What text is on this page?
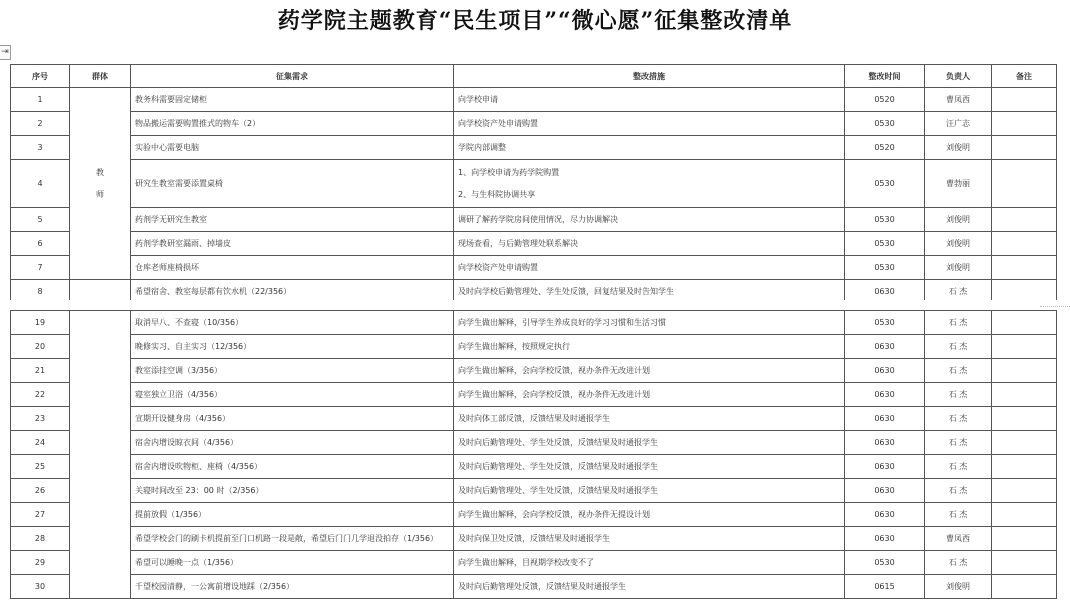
药学院主题教育“民生项目”“微心愿”征集整改清单
⇥
序号	群体	征集需求	整改措施	整改时间	负责人	备注
1	教
师	教务科需要固定储柜	向学校申请	0520	曹凤西	
2		物品搬运需要购置推式的物车（2）	向学校资产处申请购置	0530	汪广志	
3		实验中心需要电脑	学院内部调整	0520	刘俊明	
4		研究生教室需要添置桌椅	1、向学校申请为药学院购置
2、与生科院协调共享	0530	曹勃丽	
5		药剂学无研究生教室	调研了解药学院房间使用情况，尽力协调解决	0530	刘俊明	
6		药剂学教研室漏雨、掉墙皮	现场查看，与后勤管理处联系解决	0530	刘俊明	
7		仓库老师座椅损坏	向学校资产处申请购置	0530	刘俊明	
8		希望宿舍、教室每层都有饮水机（22/356）	及时向学校后勤管理处、学生处反馈，回复结果及时告知学生	0630	石 杰	
19		取消早八、不查寝（10/356）	向学生做出解释，引导学生养成良好的学习习惯和生活习惯	0530	石 杰	
20		晚修实习、自主实习（12/356）	向学生做出解释，按照规定执行	0630	石 杰	
21		教室添挂空调（3/356）	向学生做出解释，会向学校反馈，视办条件无改进计划	0630	石 杰	
22		寝室独立卫浴（4/356）	向学生做出解释，会向学校反馈，视办条件无改进计划	0630	石 杰	
23		宣期开设健身房（4/356）	及时向体工部反馈，反馈结果及时通报学生	0630	石 杰	
24		宿舍内增设晾衣间（4/356）	及时向后勤管理处、学生处反馈，反馈结果及时通报学生	0630	石 杰	
25		宿舍内增设吹物柜、座椅（4/356）	及时向后勤管理处、学生处反馈，反馈结果及时通报学生	0630	石 杰	
26		关寝时间改至 23：00 时（2/356）	及时向后勤管理处、学生处反馈，反馈结果及时通报学生	0630	石 杰	
27		提前放假（1/356）	向学生做出解释，会向学校反馈，视办条件无提设计划	0630	石 杰	
28		希望学校会门的刷卡机提前至门口机路一段是敞，希望后门门几学退没拍存（1/356）	及时向保卫处反馈，反馈结果及时通报学生	0630	曹凤西	
29		希望可以睡晚一点（1/356）	向学生做出解释，目视期学校改变不了	0530	石 杰	
30		千望校园清静，一公寓前增设地踩（2/356）	及时向后勤管理处反馈，反馈结果及时通报学生	0615	刘俊明	
